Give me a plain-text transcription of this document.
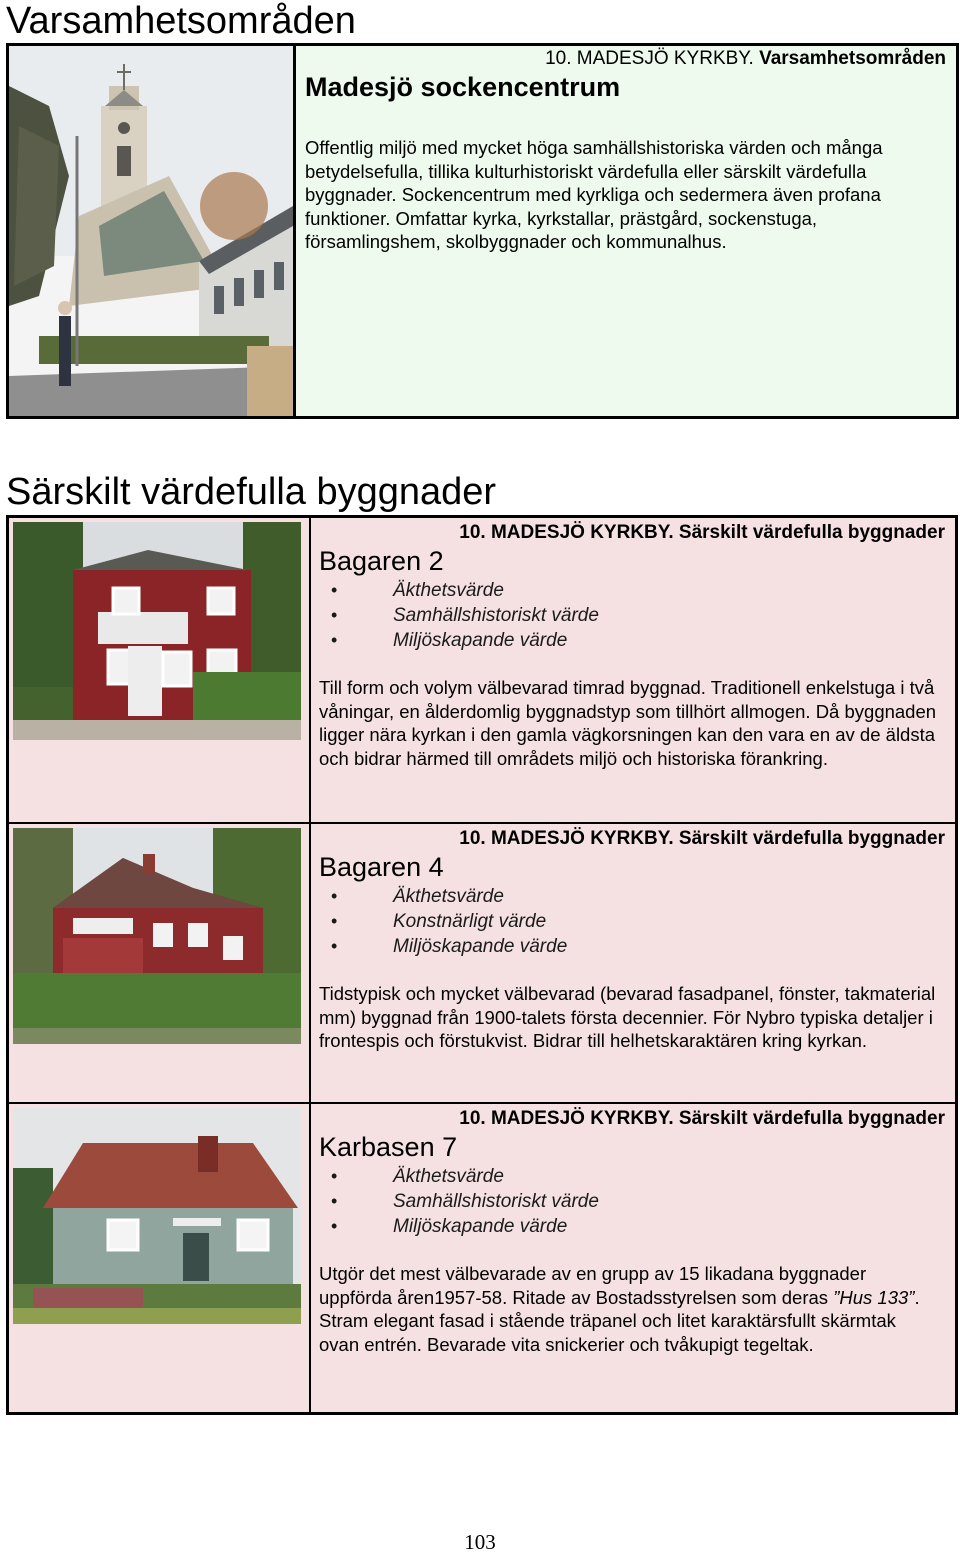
Varsamhetsområden
10. MADESJÖ KYRKBY. Varsamhetsområden
Madesjö sockencentrum
Offentlig miljö med mycket höga samhällshistoriska värden och många betydelsefulla, tillika kulturhistoriskt värdefulla eller särskilt värdefulla byggnader. Sockencentrum med kyrkliga och sedermera även profana funktioner. Omfattar kyrka, kyrkstallar, prästgård, sockenstuga, församlingshem, skolbyggnader och kommunalhus.
Särskilt värdefulla byggnader
10. MADESJÖ KYRKBY. Särskilt värdefulla byggnader
Bagaren 2
• Äkthetsvärde
• Samhällshistoriskt värde
• Miljöskapande värde
Till form och volym välbevarad timrad byggnad. Traditionell enkelstuga i två våningar, en ålderdomlig byggnadstyp som tillhört allmogen. Då byggnaden ligger nära kyrkan i den gamla vägkorsningen kan den vara en av de äldsta och bidrar härmed till områdets miljö och historiska förankring.
10. MADESJÖ KYRKBY. Särskilt värdefulla byggnader
Bagaren 4
• Äkthetsvärde
• Konstnärligt värde
• Miljöskapande värde
Tidstypisk och mycket välbevarad (bevarad fasadpanel, fönster, takmaterial mm) byggnad från 1900-talets första decennier. För Nybro typiska detaljer i frontespis och förstukvist. Bidrar till helhetskaraktären kring kyrkan.
10. MADESJÖ KYRKBY. Särskilt värdefulla byggnader
Karbasen 7
• Äkthetsvärde
• Samhällshistoriskt värde
• Miljöskapande värde
Utgör det mest välbevarade av en grupp av 15 likadana byggnader uppförda åren1957-58. Ritade av Bostadsstyrelsen som deras ”Hus 133”. Stram elegant fasad i stående träpanel och litet karaktärsfullt skärmtak ovan entrén. Bevarade vita snickerier och tvåkupigt tegeltak.
103
